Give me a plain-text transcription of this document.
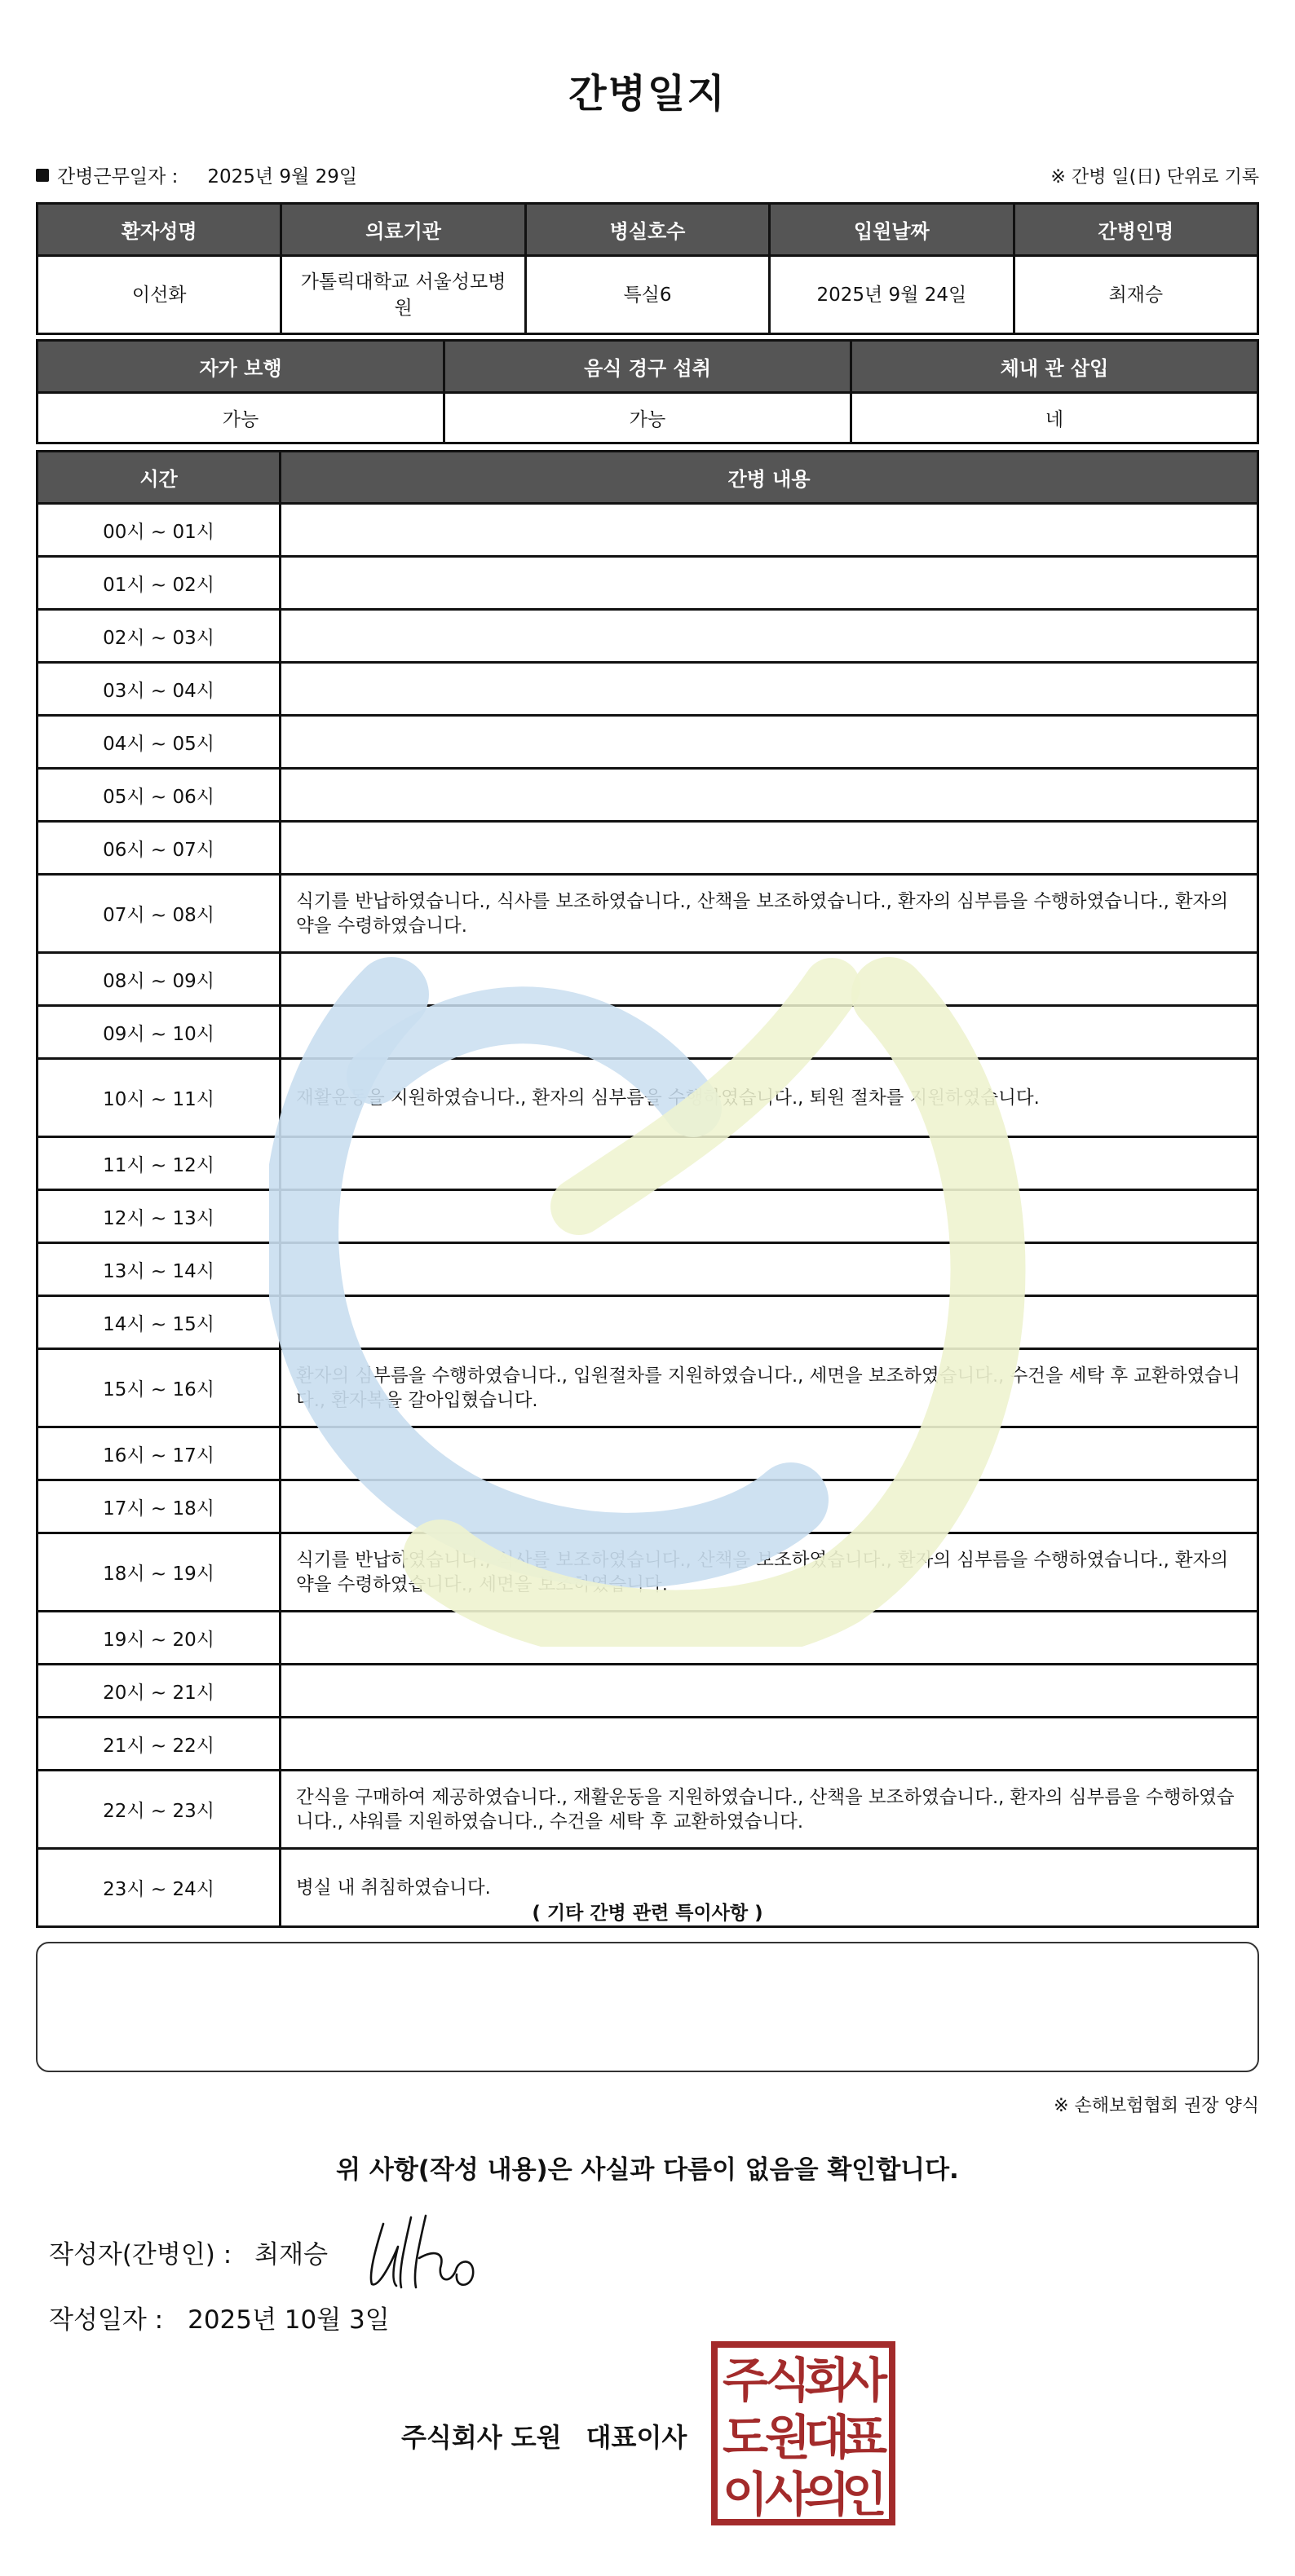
간병일지
간병근무일자 : 2025년 9월 29일	※ 간병 일(日) 단위로 기록
환자성명	의료기관	병실호수	입원날짜	간병인명
이선화	가톨릭대학교 서울성모병원	특실6	2025년 9월 24일	최재승
자가 보행	음식 경구 섭취	체내 관 삽입
가능	가능	네
시간	간병 내용
00시 ~ 01시	
01시 ~ 02시	
02시 ~ 03시	
03시 ~ 04시	
04시 ~ 05시	
05시 ~ 06시	
06시 ~ 07시	
07시 ~ 08시	식기를 반납하였습니다., 식사를 보조하였습니다., 산책을 보조하였습니다., 환자의 심부름을 수행하였습니다., 환자의 약을 수령하였습니다.
08시 ~ 09시	
09시 ~ 10시	
10시 ~ 11시	재활운동을 지원하였습니다., 환자의 심부름을 수행하였습니다., 퇴원 절차를 지원하였습니다.
11시 ~ 12시	
12시 ~ 13시	
13시 ~ 14시	
14시 ~ 15시	
15시 ~ 16시	환자의 심부름을 수행하였습니다., 입원절차를 지원하였습니다., 세면을 보조하였습니다., 수건을 세탁 후 교환하였습니다., 환자복을 갈아입혔습니다.
16시 ~ 17시	
17시 ~ 18시	
18시 ~ 19시	식기를 반납하였습니다., 식사를 보조하였습니다., 산책을 보조하였습니다., 환자의 심부름을 수행하였습니다., 환자의 약을 수령하였습니다., 세면을 보조하였습니다.
19시 ~ 20시	
20시 ~ 21시	
21시 ~ 22시	
22시 ~ 23시	간식을 구매하여 제공하였습니다., 재활운동을 지원하였습니다., 산책을 보조하였습니다., 환자의 심부름을 수행하였습니다., 샤워를 지원하였습니다., 수건을 세탁 후 교환하였습니다.
23시 ~ 24시	병실 내 취침하였습니다.
( 기타 간병 관련 특이사항 )
※ 손해보험협회 권장 양식
위 사항(작성 내용)은 사실과 다름이 없음을 확인합니다.
작성자(간병인) : 최재승
작성일자 : 2025년 10월 3일
주식회사 도원 대표이사
주
식
회
사
도
원
대
표
이
사
의
인
